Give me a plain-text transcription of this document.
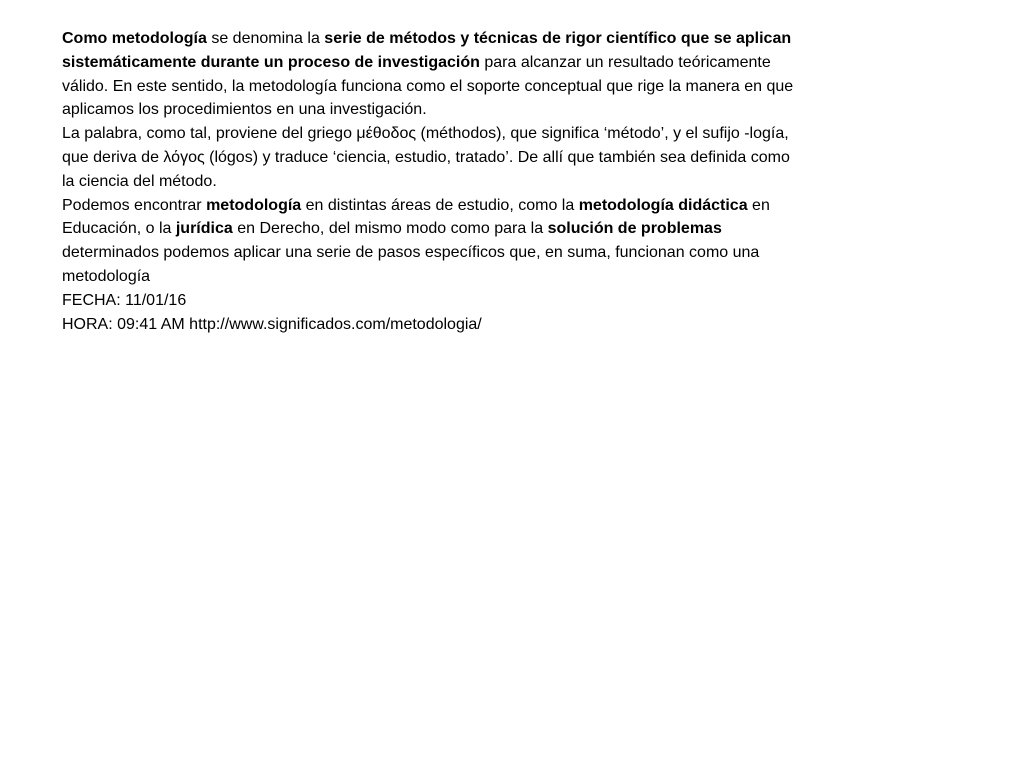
Como metodología se denomina la serie de métodos y técnicas de rigor científico que se aplican
sistemáticamente durante un proceso de investigación para alcanzar un resultado teóricamente
válido. En este sentido, la metodología funciona como el soporte conceptual que rige la manera en que
aplicamos los procedimientos en una investigación.
La palabra, como tal, proviene del griego μέθοδος (méthodos), que significa ‘método’, y el sufijo -logía,
que deriva de λόγος (lógos) y traduce ‘ciencia, estudio, tratado’. De allí que también sea definida como
la ciencia del método.
Podemos encontrar metodología en distintas áreas de estudio, como la metodología didáctica en
Educación, o la jurídica en Derecho, del mismo modo como para la solución de problemas
determinados podemos aplicar una serie de pasos específicos que, en suma, funcionan como una
metodología
FECHA: 11/01/16
HORA: 09:41 AM http://www.significados.com/metodologia/
